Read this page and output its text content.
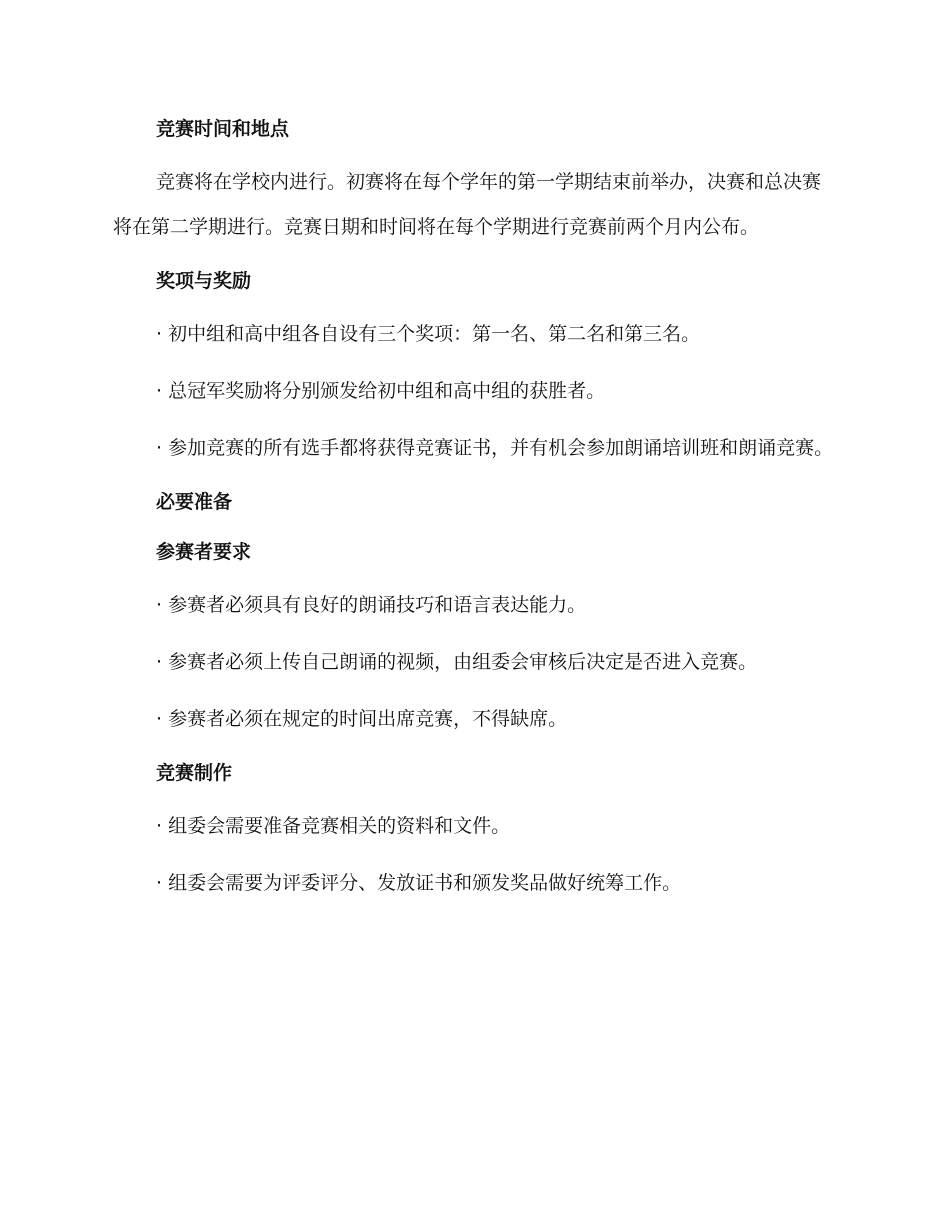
竞赛时间和地点

竞赛将在学校内进行。初赛将在每个学年的第一学期结束前举办，决赛和总决赛将在第二学期进行。竞赛日期和时间将在每个学期进行竞赛前两个月内公布。

奖项与奖励

· 初中组和高中组各自设有三个奖项：第一名、第二名和第三名。

· 总冠军奖励将分别颁发给初中组和高中组的获胜者。

· 参加竞赛的所有选手都将获得竞赛证书，并有机会参加朗诵培训班和朗诵竞赛。

必要准备
参赛者要求

· 参赛者必须具有良好的朗诵技巧和语言表达能力。

· 参赛者必须上传自己朗诵的视频，由组委会审核后决定是否进入竞赛。

· 参赛者必须在规定的时间出席竞赛，不得缺席。

竞赛制作

· 组委会需要准备竞赛相关的资料和文件。

· 组委会需要为评委评分、发放证书和颁发奖品做好统筹工作。
